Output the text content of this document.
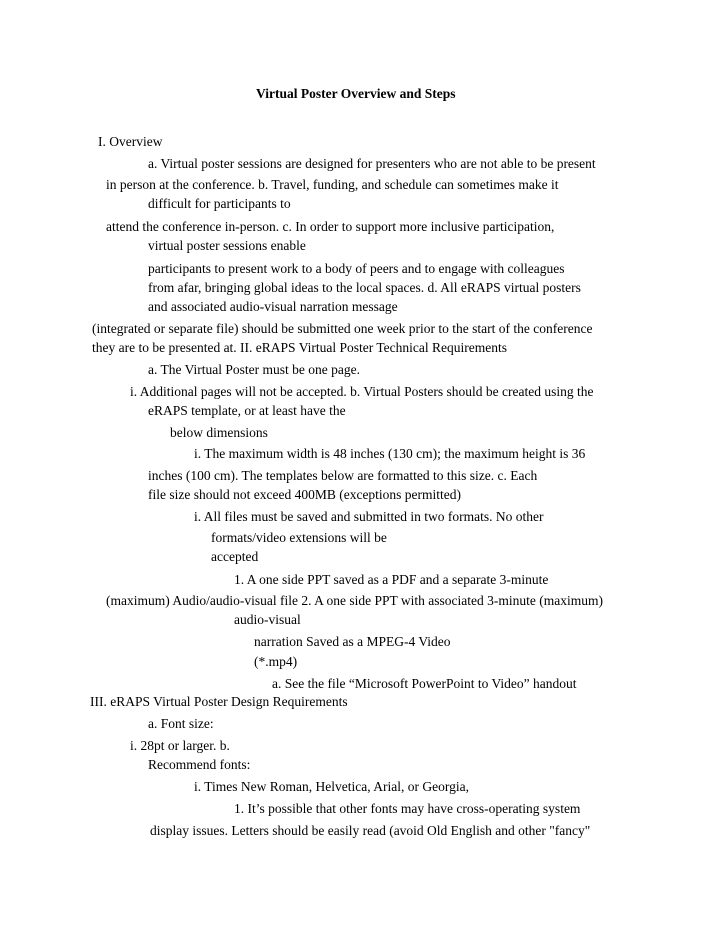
Virtual Poster Overview and Steps
I. Overview
a. Virtual poster sessions are designed for presenters who are not able to be present
in person at the conference. b. Travel, funding, and schedule can sometimes make it
difficult for participants to
attend the conference in-person. c. In order to support more inclusive participation,
virtual poster sessions enable
participants to present work to a body of peers and to engage with colleagues
from afar, bringing global ideas to the local spaces. d. All eRAPS virtual posters
and associated audio-visual narration message
(integrated or separate file) should be submitted one week prior to the start of the conference
they are to be presented at. II. eRAPS Virtual Poster Technical Requirements
a. The Virtual Poster must be one page.
i. Additional pages will not be accepted. b. Virtual Posters should be created using the
eRAPS template, or at least have the
below dimensions
i. The maximum width is 48 inches (130 cm); the maximum height is 36
inches (100 cm). The templates below are formatted to this size. c. Each
file size should not exceed 400MB (exceptions permitted)
i. All files must be saved and submitted in two formats. No other
formats/video extensions will be
accepted
1. A one side PPT saved as a PDF and a separate 3-minute
(maximum) Audio/audio-visual file 2. A one side PPT with associated 3-minute (maximum)
audio-visual
narration Saved as a MPEG-4 Video
(*.mp4)
a. See the file “Microsoft PowerPoint to Video” handout
III. eRAPS Virtual Poster Design Requirements
a. Font size:
i. 28pt or larger. b.
Recommend fonts:
i. Times New Roman, Helvetica, Arial, or Georgia,
1. It’s possible that other fonts may have cross-operating system
display issues. Letters should be easily read (avoid Old English and other "fancy"
